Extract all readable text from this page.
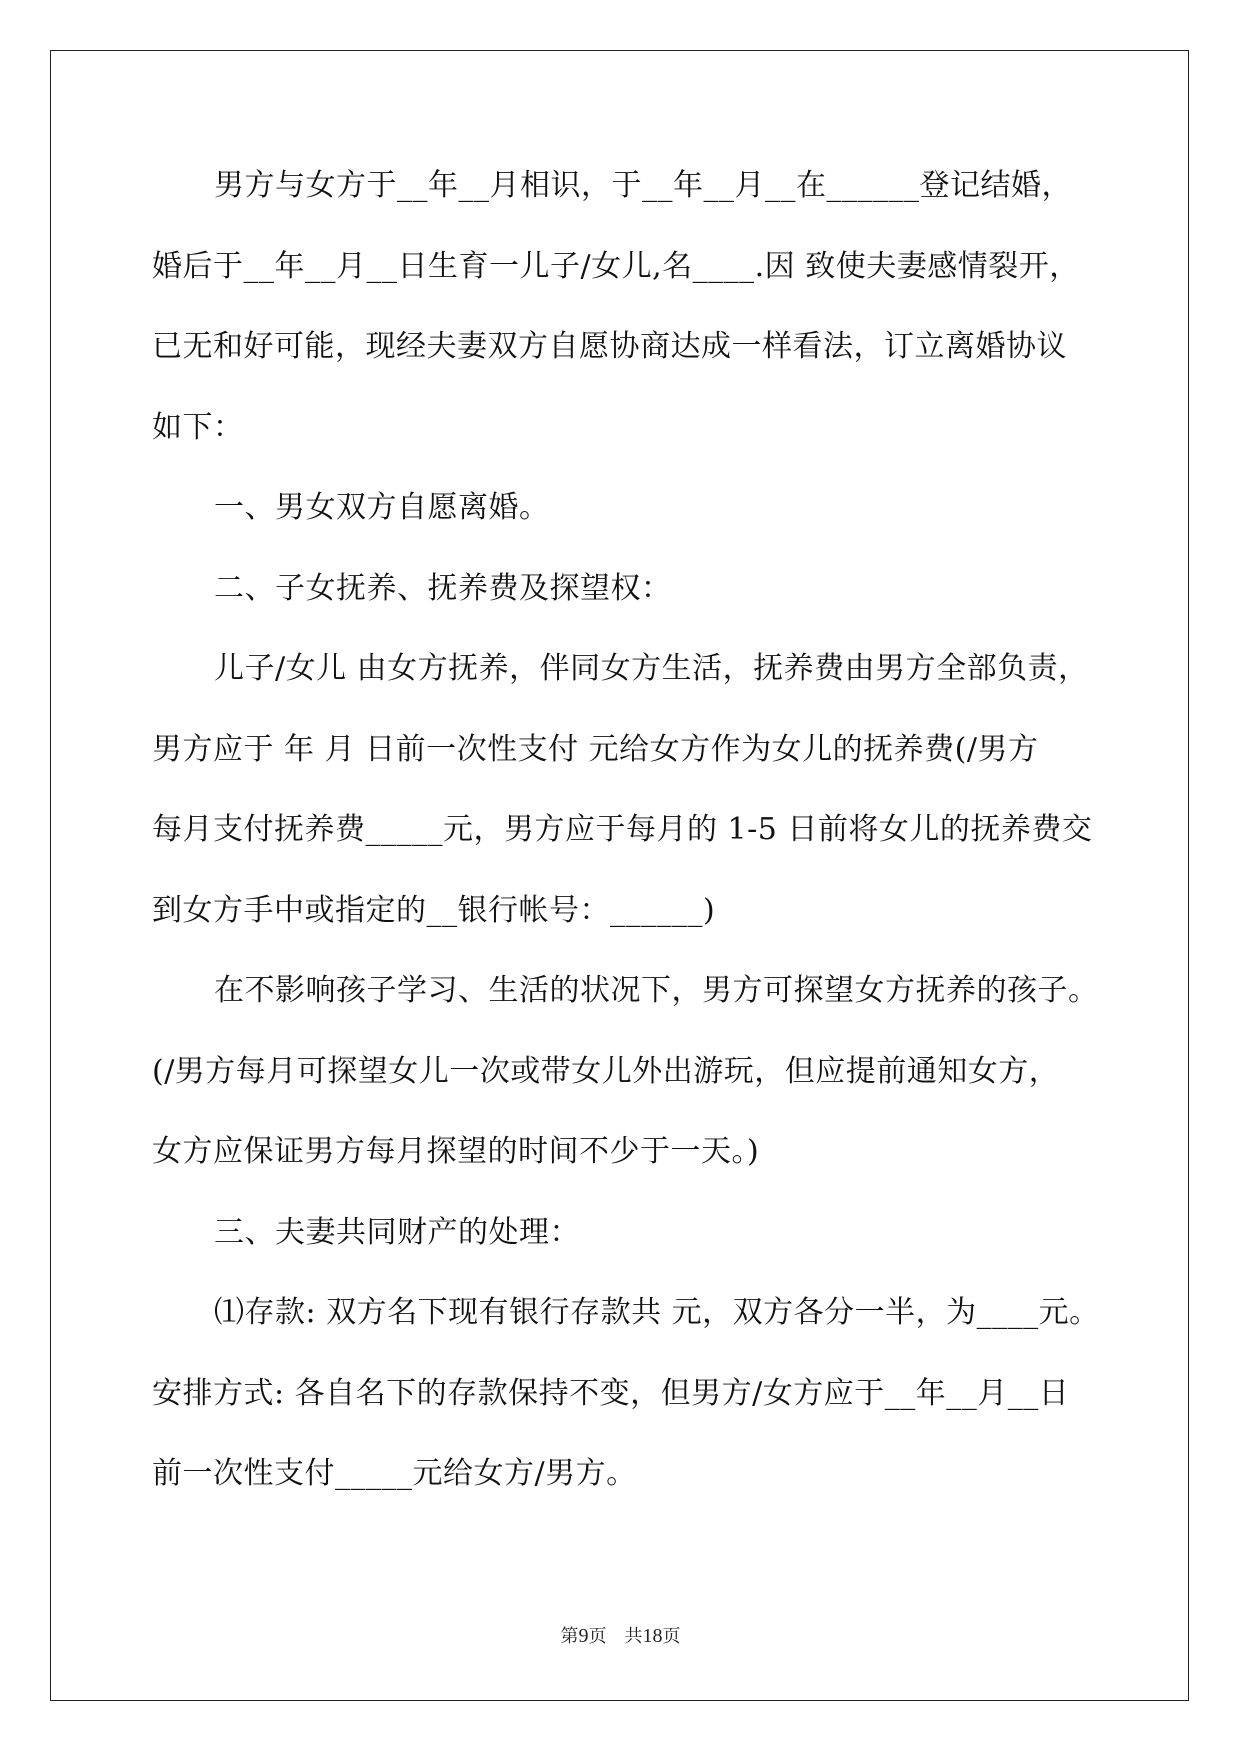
男方与女方于__年__月相识，于__年__月__在______登记结婚，
婚后于__年__月__日生育一儿子/女儿,名____.因 致使夫妻感情裂开，
已无和好可能，现经夫妻双方自愿协商达成一样看法，订立离婚协议
如下：
一、男女双方自愿离婚。
二、子女抚养、抚养费及探望权：
儿子/女儿 由女方抚养，伴同女方生活，抚养费由男方全部负责，
男方应于 年 月 日前一次性支付 元给女方作为女儿的抚养费(/男方
每月支付抚养费_____元，男方应于每月的 1-5 日前将女儿的抚养费交
到女方手中或指定的__银行帐号：______)
在不影响孩子学习、生活的状况下，男方可探望女方抚养的孩子。
(/男方每月可探望女儿一次或带女儿外出游玩，但应提前通知女方，
女方应保证男方每月探望的时间不少于一天。)
三、夫妻共同财产的处理：
⑴存款: 双方名下现有银行存款共 元，双方各分一半，为____元。
安排方式: 各自名下的存款保持不变，但男方/女方应于__年__月__日
前一次性支付_____元给女方/男方。
第9页 共18页
